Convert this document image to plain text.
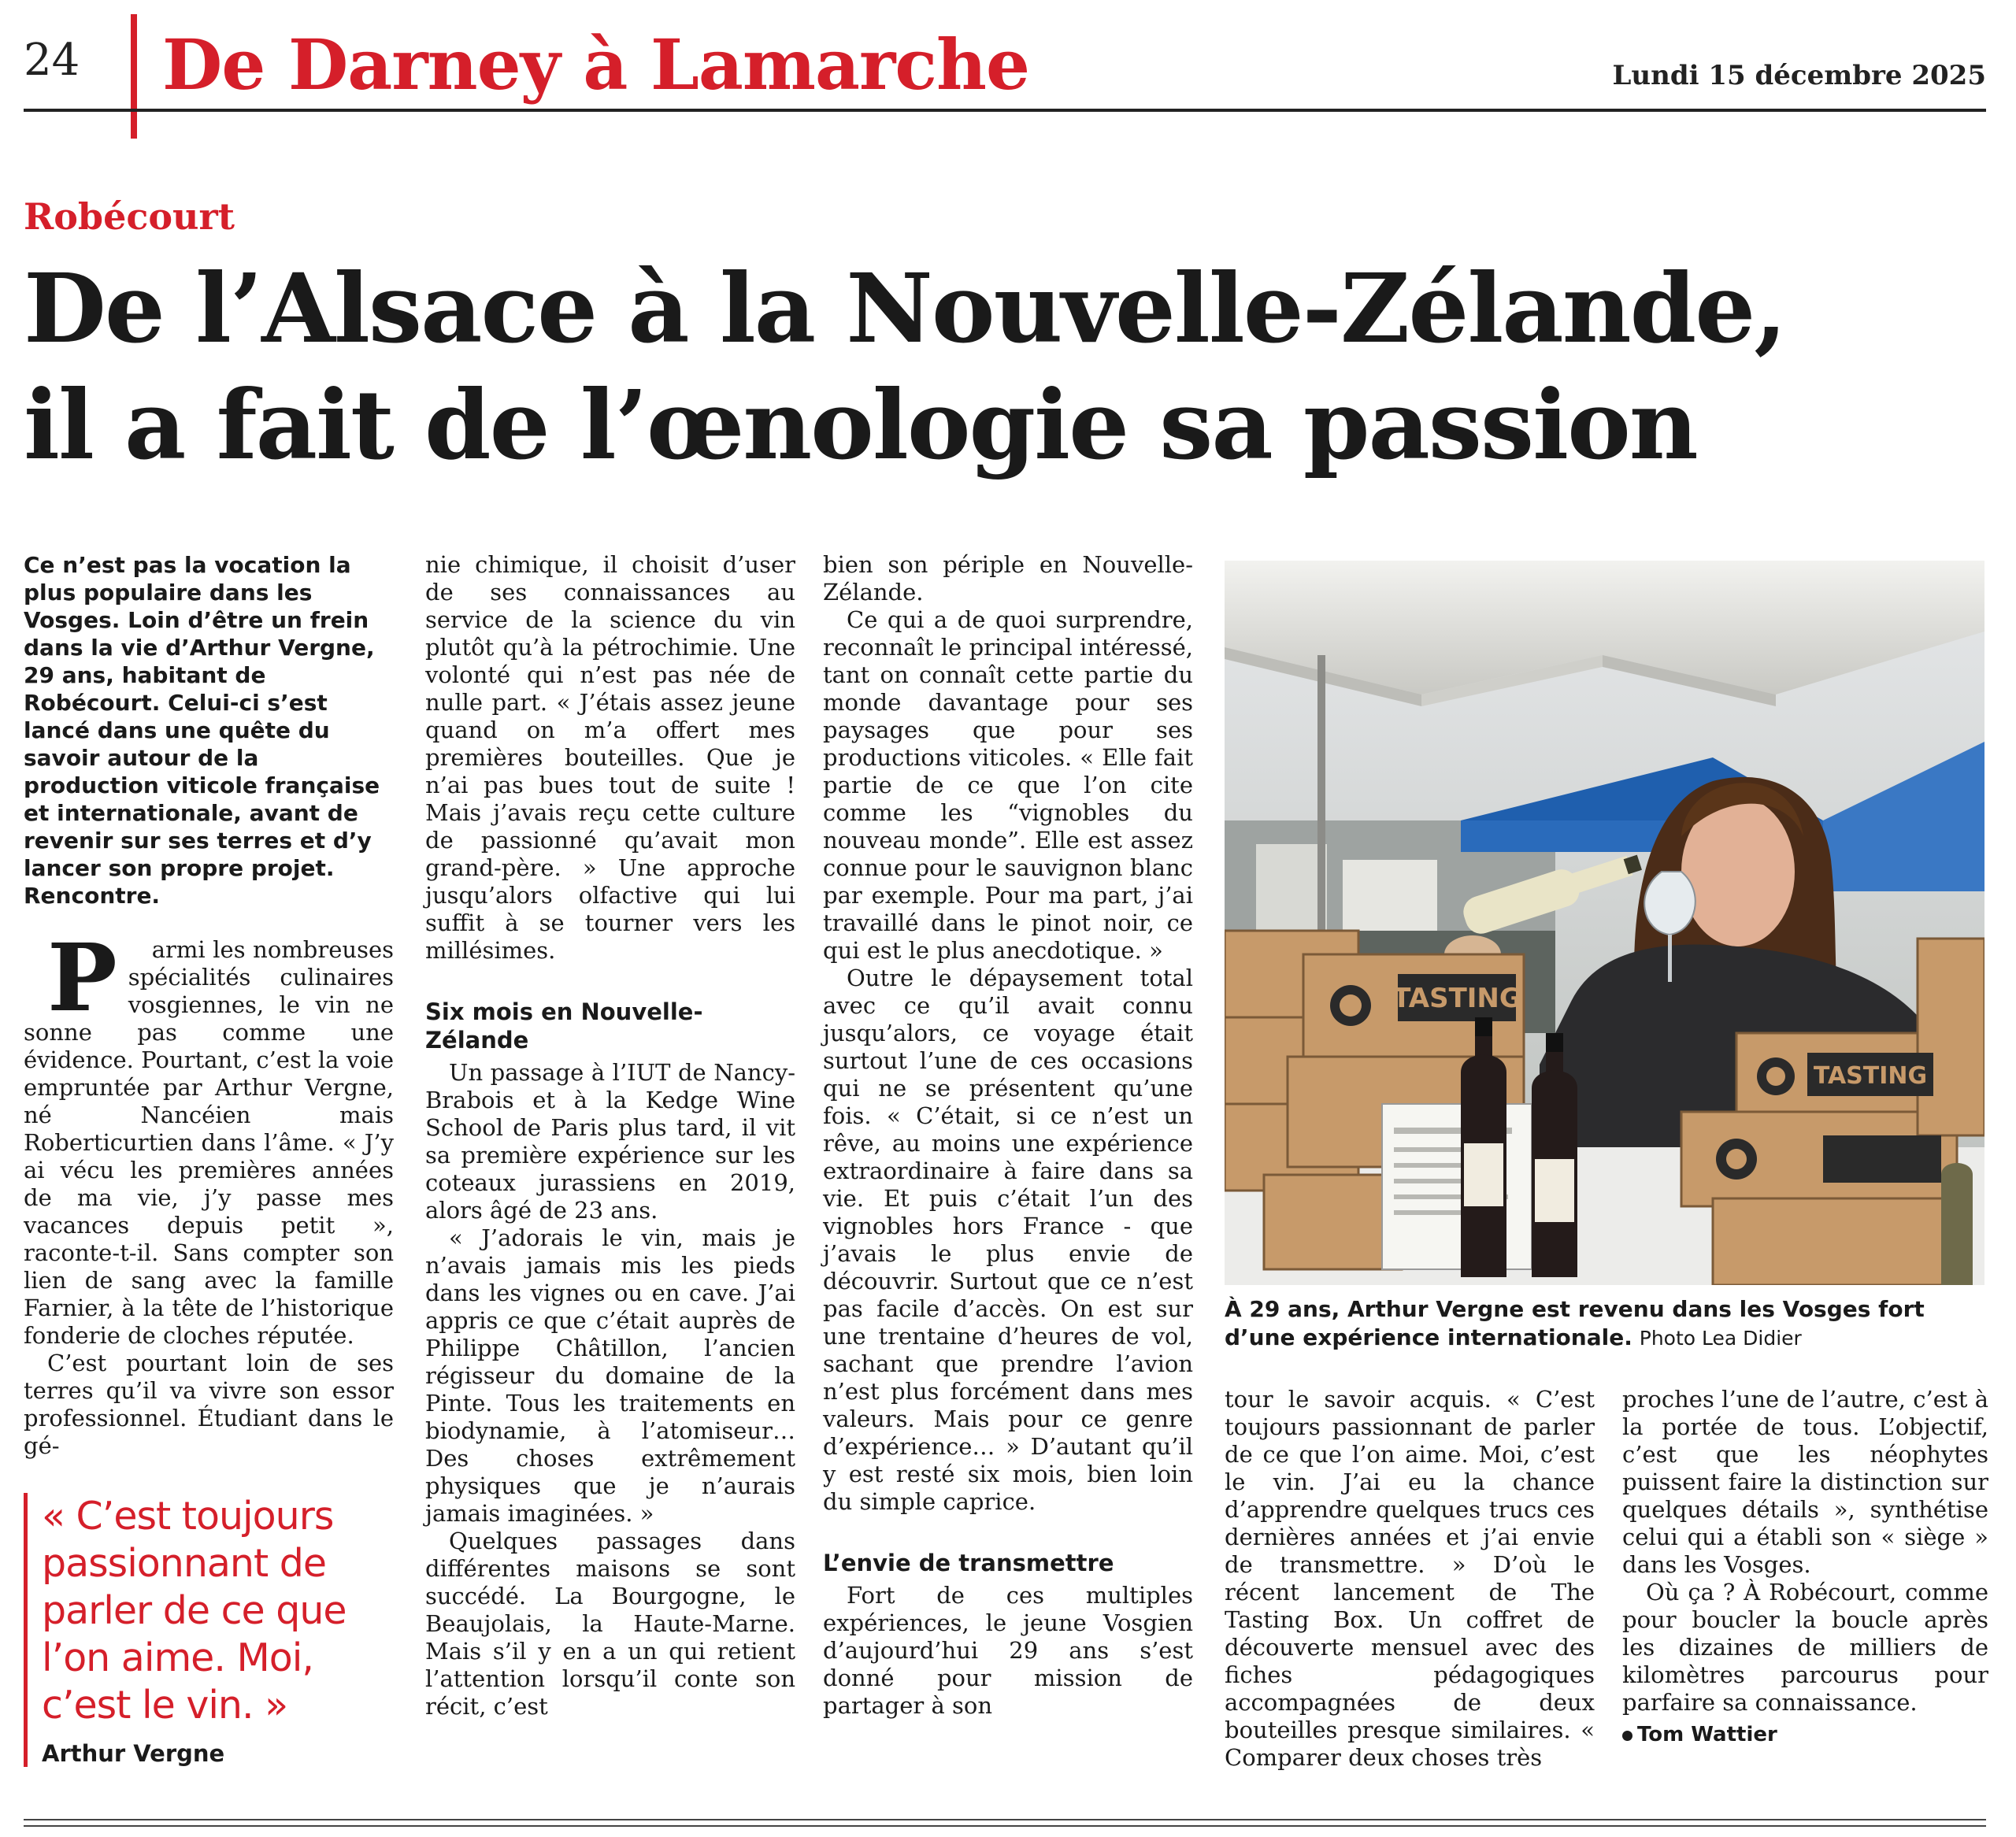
24 De Darney à Lamarche	Lundi 15 décembre 2025
Robécourt
De l’Alsace à la Nouvelle-Zélande,
il a fait de l’œnologie sa passion

Ce n’est pas la vocation la plus populaire dans les Vosges. Loin d’être un frein dans la vie d’Arthur Vergne, 29 ans, habitant de Robécourt. Celui-ci s’est lancé dans une quête du savoir autour de la production viticole française et internationale, avant de revenir sur ses terres et d’y lancer son propre projet. Rencontre.

Parmi les nombreuses spécialités culinaires vosgiennes, le vin ne sonne pas comme une évidence. Pourtant, c’est la voie empruntée par Arthur Vergne, né Nancéien mais Roberticurtien dans l’âme. « J’y ai vécu les premières années de ma vie, j’y passe mes vacances depuis petit », raconte-t-il. Sans compter son lien de sang avec la famille Farnier, à la tête de l’historique fonderie de cloches réputée.

C’est pourtant loin de ses terres qu’il va vivre son essor professionnel. Étudiant dans le gé-

« C’est toujours passionnant de parler de ce que l’on aime. Moi, c’est le vin. »
Arthur Vergne

nie chimique, il choisit d’user de ses connaissances au service de la science du vin plutôt qu’à la pétrochimie. Une volonté qui n’est pas née de nulle part. « J’étais assez jeune quand on m’a offert mes premières bouteilles. Que je n’ai pas bues tout de suite ! Mais j’avais reçu cette culture de passionné qu’avait mon grand-père. » Une approche jusqu’alors olfactive qui lui suffit à se tourner vers les millésimes.

Six mois en Nouvelle-Zélande

Un passage à l’IUT de Nancy-Brabois et à la Kedge Wine School de Paris plus tard, il vit sa première expérience sur les coteaux jurassiens en 2019, alors âgé de 23 ans.

« J’adorais le vin, mais je n’avais jamais mis les pieds dans les vignes ou en cave. J’ai appris ce que c’était auprès de Philippe Châtillon, l’ancien régisseur du domaine de la Pinte. Tous les traitements en biodynamie, à l’atomiseur… Des choses extrêmement physiques que je n’aurais jamais imaginées. »

Quelques passages dans différentes maisons se sont succédé. La Bourgogne, le Beaujolais, la Haute-Marne. Mais s’il y en a un qui retient l’attention lorsqu’il conte son récit, c’est

bien son périple en Nouvelle-Zélande.

Ce qui a de quoi surprendre, reconnaît le principal intéressé, tant on connaît cette partie du monde davantage pour ses paysages que pour ses productions viticoles. « Elle fait partie de ce que l’on cite comme les “vignobles du nouveau monde”. Elle est assez connue pour le sauvignon blanc par exemple. Pour ma part, j’ai travaillé dans le pinot noir, ce qui est le plus anecdotique. »

Outre le dépaysement total avec ce qu’il avait connu jusqu’alors, ce voyage était surtout l’une de ces occasions qui ne se présentent qu’une fois. « C’était, si ce n’est un rêve, au moins une expérience extraordinaire à faire dans sa vie. Et puis c’était l’un des vignobles hors France - que j’avais le plus envie de découvrir. Surtout que ce n’est pas facile d’accès. On est sur une trentaine d’heures de vol, sachant que prendre l’avion n’est plus forcément dans mes valeurs. Mais pour ce genre d’expérience… » D’autant qu’il y est resté six mois, bien loin du simple caprice.

L’envie de transmettre

Fort de ces multiples expériences, le jeune Vosgien d’aujourd’hui 29 ans s’est donné pour mission de partager à son

TASTING
TASTING
À 29 ans, Arthur Vergne est revenu dans les Vosges fort d’une expérience internationale. Photo Lea Didier

tour le savoir acquis. « C’est toujours passionnant de parler de ce que l’on aime. Moi, c’est le vin. J’ai eu la chance d’apprendre quelques trucs ces dernières années et j’ai envie de transmettre. » D’où le récent lancement de The Tasting Box. Un coffret de découverte mensuel avec des fiches pédagogiques accompagnées de deux bouteilles presque similaires. « Comparer deux choses très

proches l’une de l’autre, c’est à la portée de tous. L’objectif, c’est que les néophytes puissent faire la distinction sur quelques détails », synthétise celui qui a établi son « siège » dans les Vosges.

Où ça ? À Robécourt, comme pour boucler la boucle après les dizaines de milliers de kilomètres parcourus pour parfaire sa connaissance.

Tom Wattier
